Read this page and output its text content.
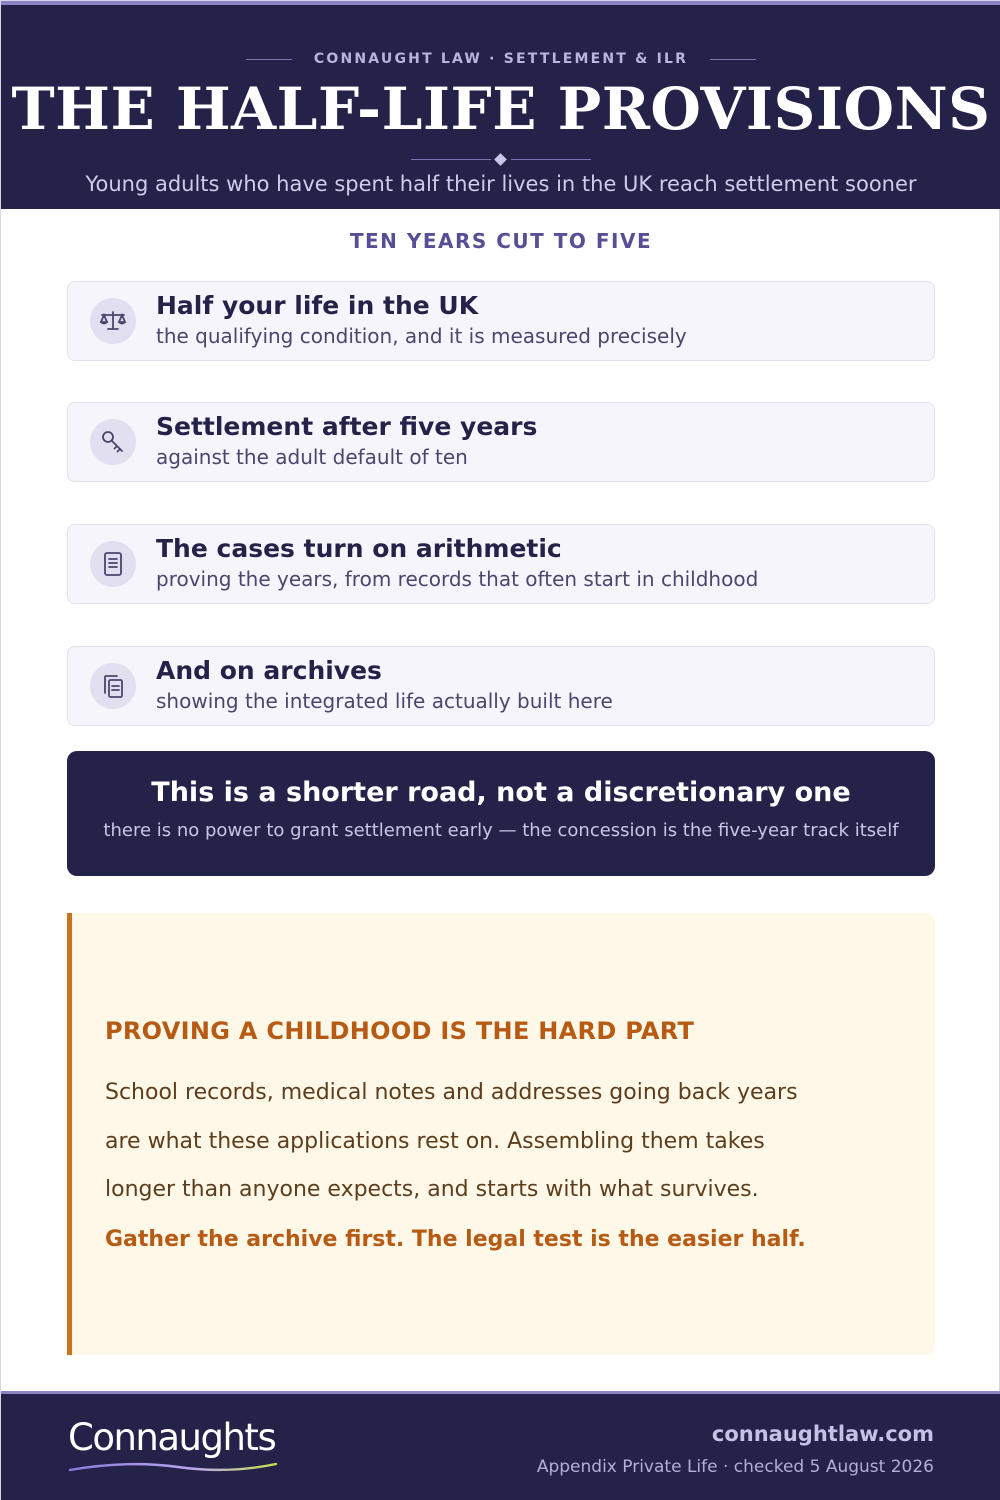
CONNAUGHT LAW · SETTLEMENT & ILR
THE HALF-LIFE PROVISIONS
Young adults who have spent half their lives in the UK reach settlement sooner
TEN YEARS CUT TO FIVE
Half your life in the UK
the qualifying condition, and it is measured precisely
Settlement after five years
against the adult default of ten
The cases turn on arithmetic
proving the years, from records that often start in childhood
And on archives
showing the integrated life actually built here
This is a shorter road, not a discretionary one
there is no power to grant settlement early — the concession is the five-year track itself
PROVING A CHILDHOOD IS THE HARD PART
School records, medical notes and addresses going back years are what these applications rest on. Assembling them takes longer than anyone expects, and starts with what survives.
Gather the archive first. The legal test is the easier half.
Connaughts	connaughtlaw.com
Appendix Private Life · checked 5 August 2026
